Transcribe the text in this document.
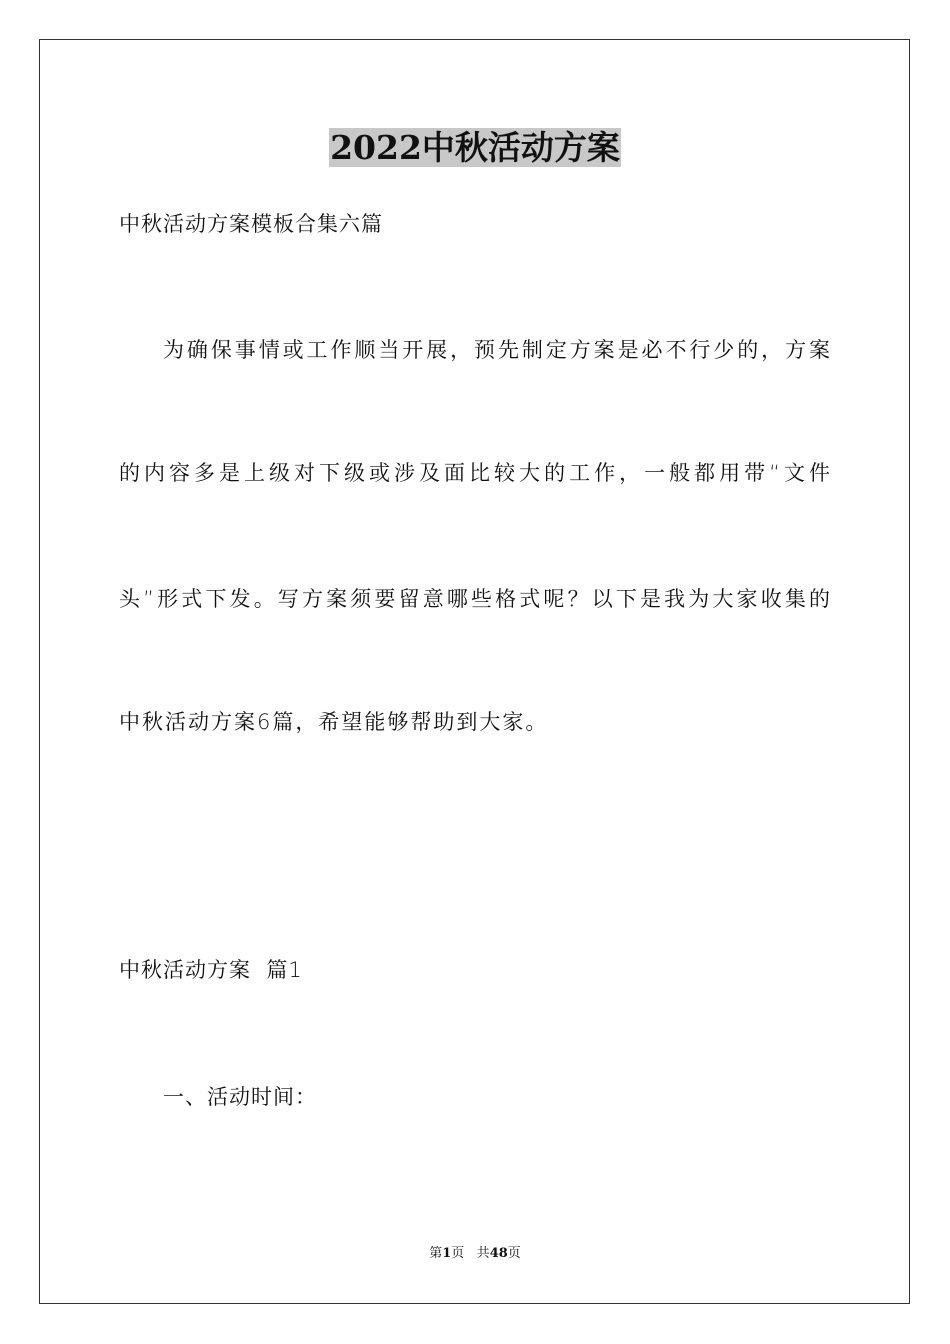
2022中秋活动方案
中秋活动方案模板合集六篇
为确保事情或工作顺当开展，预先制定方案是必不行少的，方案
的内容多是上级对下级或涉及面比较大的工作，一般都用带“文件
头”形式下发。写方案须要留意哪些格式呢？以下是我为大家收集的
中秋活动方案6篇，希望能够帮助到大家。
中秋活动方案  篇1
一、活动时间：
第1页 共48页
